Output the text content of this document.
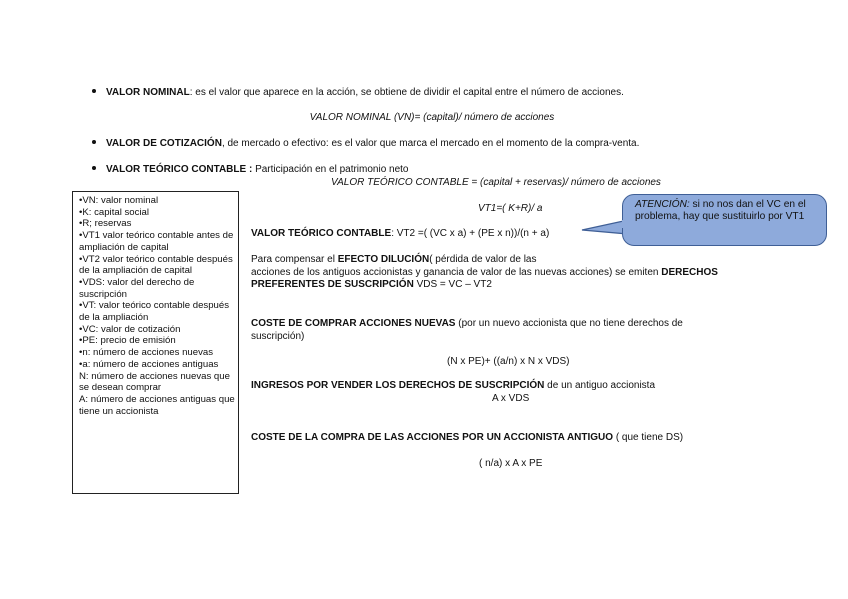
VALOR NOMINAL: es el valor que aparece en la acción, se obtiene de dividir el capital entre el número de acciones.
VALOR NOMINAL (VN)= (capital)/ número de acciones
VALOR DE COTIZACIÓN, de mercado o efectivo: es el valor que marca el mercado en el momento de la compra-venta.
VALOR TEÓRICO CONTABLE : Participación en el patrimonio neto
VALOR TEÓRICO CONTABLE = (capital + reservas)/ número de acciones
•VN: valor nominal
•K: capital social
•R; reservas
•VT1 valor teórico contable antes de ampliación de capital
•VT2 valor teórico contable después de la ampliación de capital
•VDS: valor del derecho de suscripción
•VT: valor teórico contable después de la ampliación
•VC: valor de cotización
•PE: precio de emisión
•n: número de acciones nuevas
•a: número de acciones antiguas
N: número de acciones nuevas que se desean comprar
A: número de acciones antiguas que tiene un accionista
VT1=( K+R)/ a
VALOR TEÓRICO CONTABLE: VT2 =( (VC x a) + (PE x n))/(n + a)
Para compensar el EFECTO DILUCIÓN( pérdida de valor de las
acciones de los antiguos accionistas y ganancia de valor de las nuevas acciones) se emiten DERECHOS
PREFERENTES DE SUSCRIPCIÓN VDS = VC – VT2
COSTE DE COMPRAR ACCIONES NUEVAS (por un nuevo accionista que no tiene derechos de
suscripción)
(N x PE)+ ((a/n) x N x VDS)
INGRESOS POR VENDER LOS DERECHOS DE SUSCRIPCIÓN de un antiguo accionista
A x VDS
COSTE DE LA COMPRA DE LAS ACCIONES POR UN ACCIONISTA ANTIGUO ( que tiene DS)
( n/a) x A x PE
ATENCIÓN: si no nos dan el VC en el problema, hay que sustituirlo por VT1
